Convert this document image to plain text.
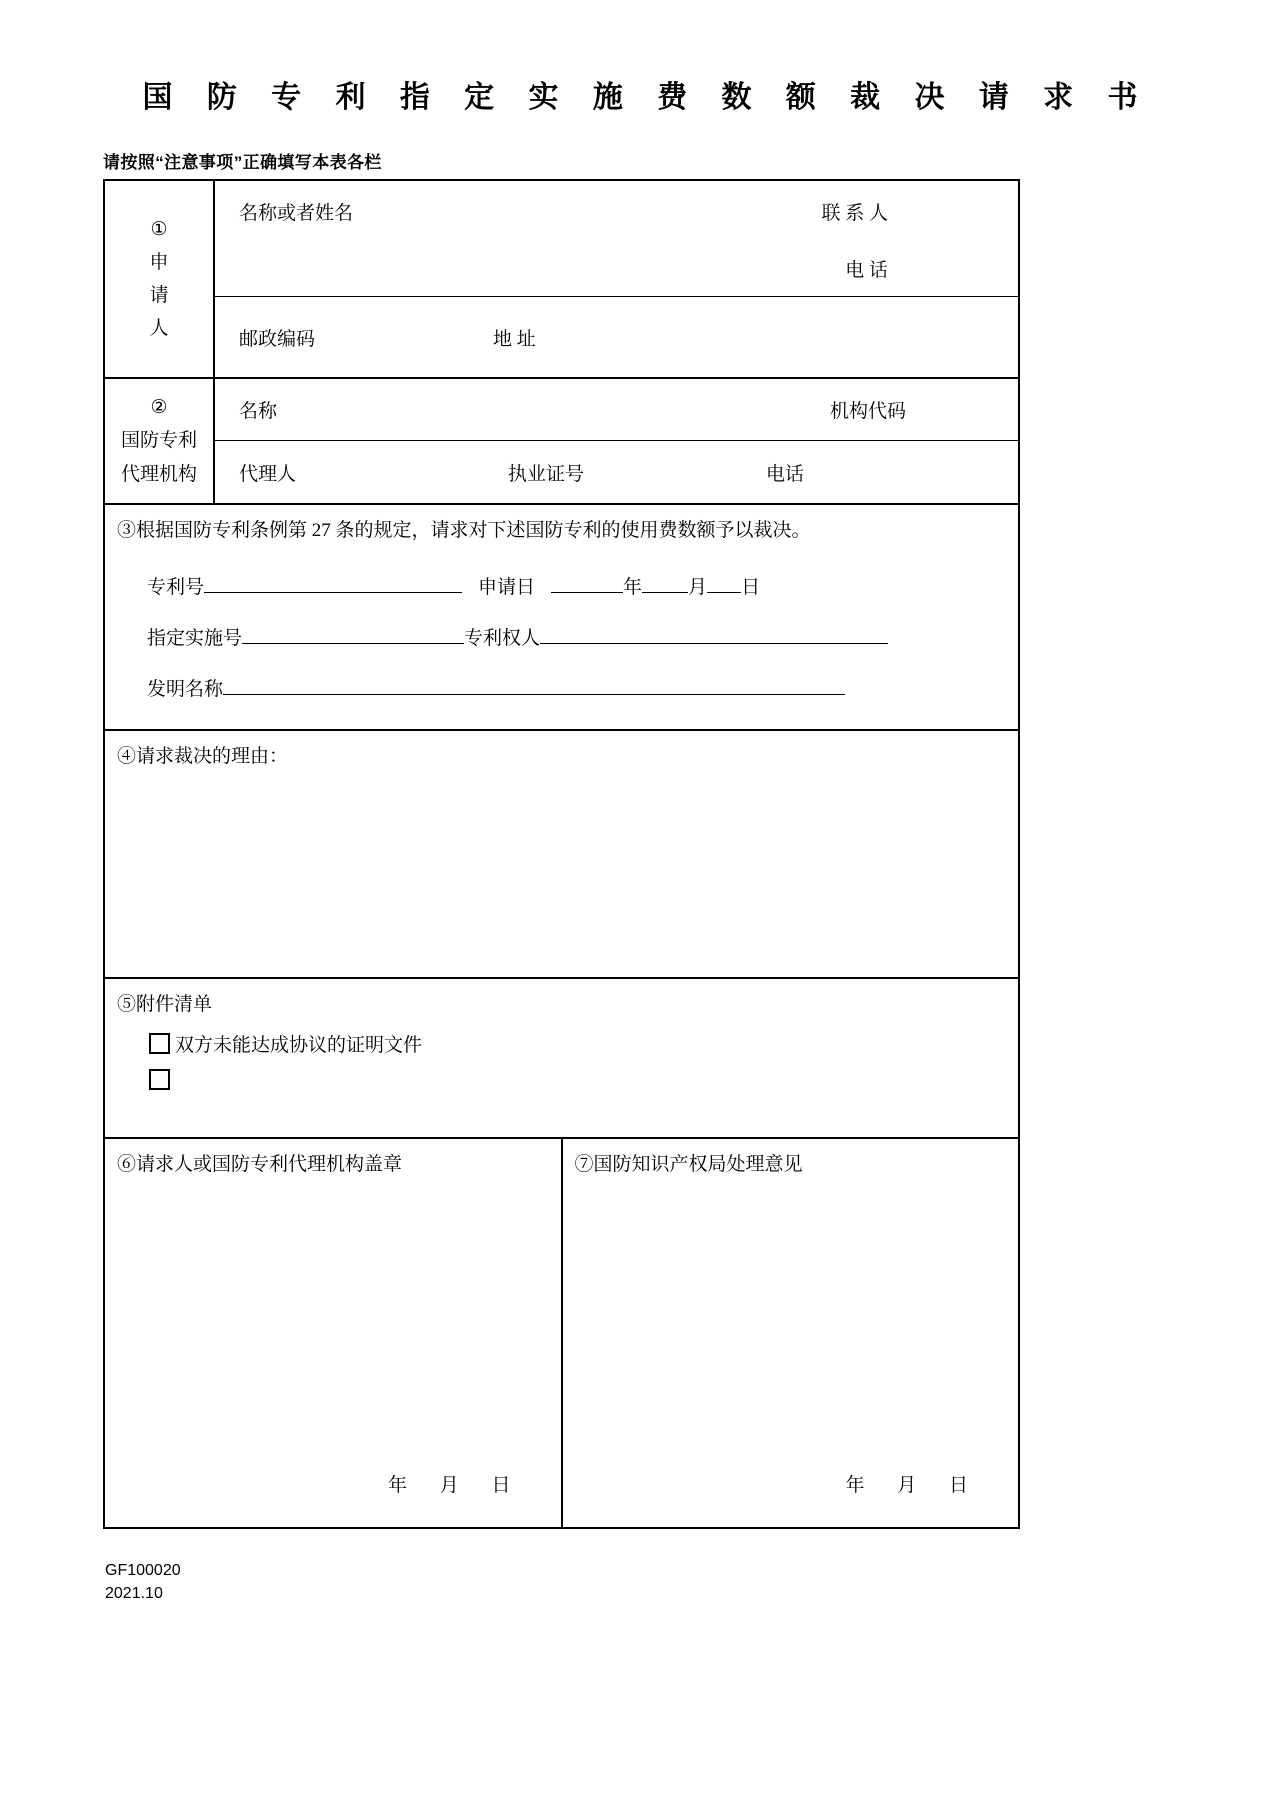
国 防 专 利 指 定 实 施 费 数 额 裁 决 请 求 书
请按照“注意事项”正确填写本表各栏
①
申
请
人
名称或者姓名	联 系 人
电 话
邮政编码	地 址
②
国防专利
代理机构
名称	机构代码
代理人	执业证号	电话
③根据国防专利条例第 27 条的规定，请求对下述国防专利的使用费数额予以裁决。
专利号	申请日	年 月 日
指定实施号	专利权人
发明名称
④请求裁决的理由：
⑤附件清单
双方未能达成协议的证明文件
⑥请求人或国防专利代理机构盖章
年 月 日
⑦国防知识产权局处理意见
年 月 日
GF100020
2021.10
